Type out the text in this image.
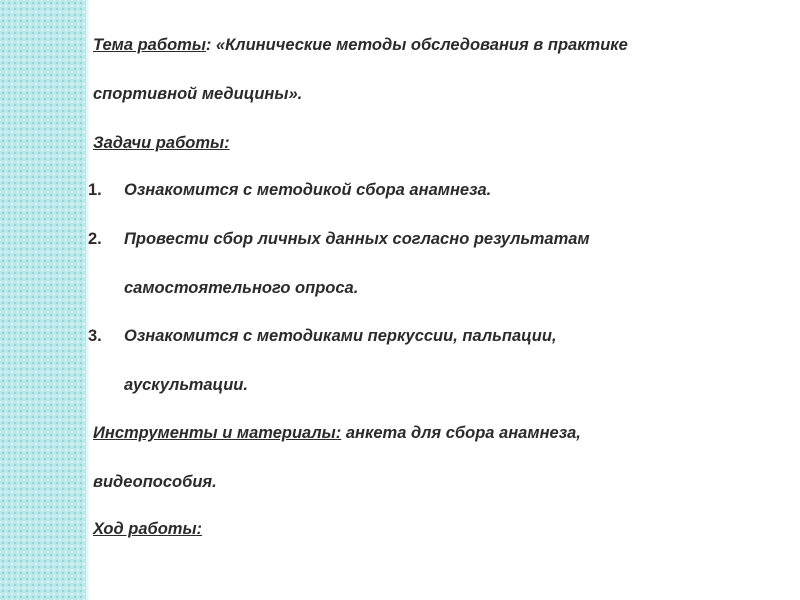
Тема работы: «Клинические методы обследования в практике
спортивной медицины».
Задачи работы:
1.	Ознакомится с методикой сбора анамнеза.
2.	Провести сбор личных данных согласно результатам
самостоятельного опроса.
3.	Ознакомится с методиками перкуссии, пальпации,
аускультации.
Инструменты и материалы: анкета для сбора анамнеза,
видеопособия.
Ход работы:
